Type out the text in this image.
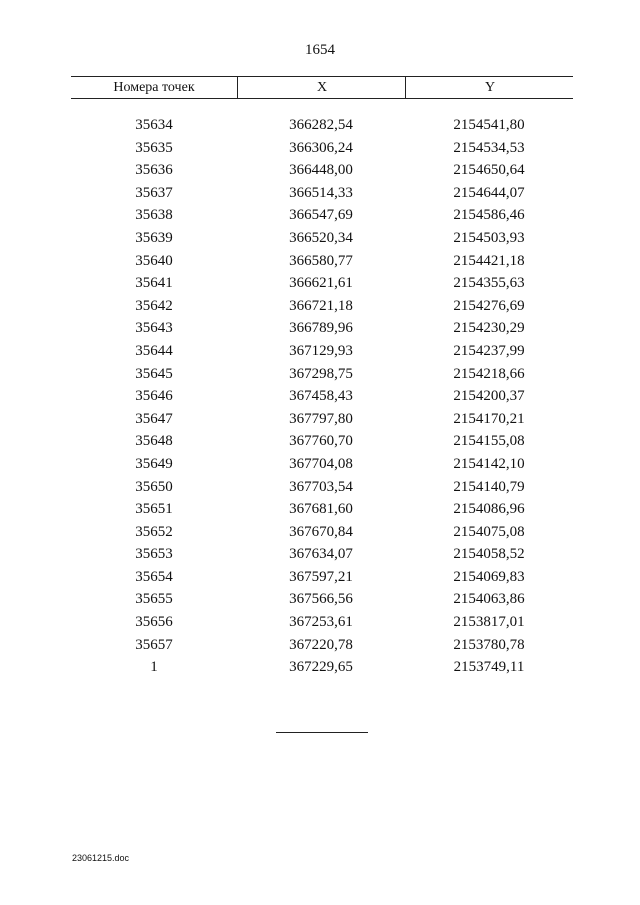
1654
Номера точек	X	Y
35634	366282,54	2154541,80
35635	366306,24	2154534,53
35636	366448,00	2154650,64
35637	366514,33	2154644,07
35638	366547,69	2154586,46
35639	366520,34	2154503,93
35640	366580,77	2154421,18
35641	366621,61	2154355,63
35642	366721,18	2154276,69
35643	366789,96	2154230,29
35644	367129,93	2154237,99
35645	367298,75	2154218,66
35646	367458,43	2154200,37
35647	367797,80	2154170,21
35648	367760,70	2154155,08
35649	367704,08	2154142,10
35650	367703,54	2154140,79
35651	367681,60	2154086,96
35652	367670,84	2154075,08
35653	367634,07	2154058,52
35654	367597,21	2154069,83
35655	367566,56	2154063,86
35656	367253,61	2153817,01
35657	367220,78	2153780,78
1	367229,65	2153749,11
23061215.doc
